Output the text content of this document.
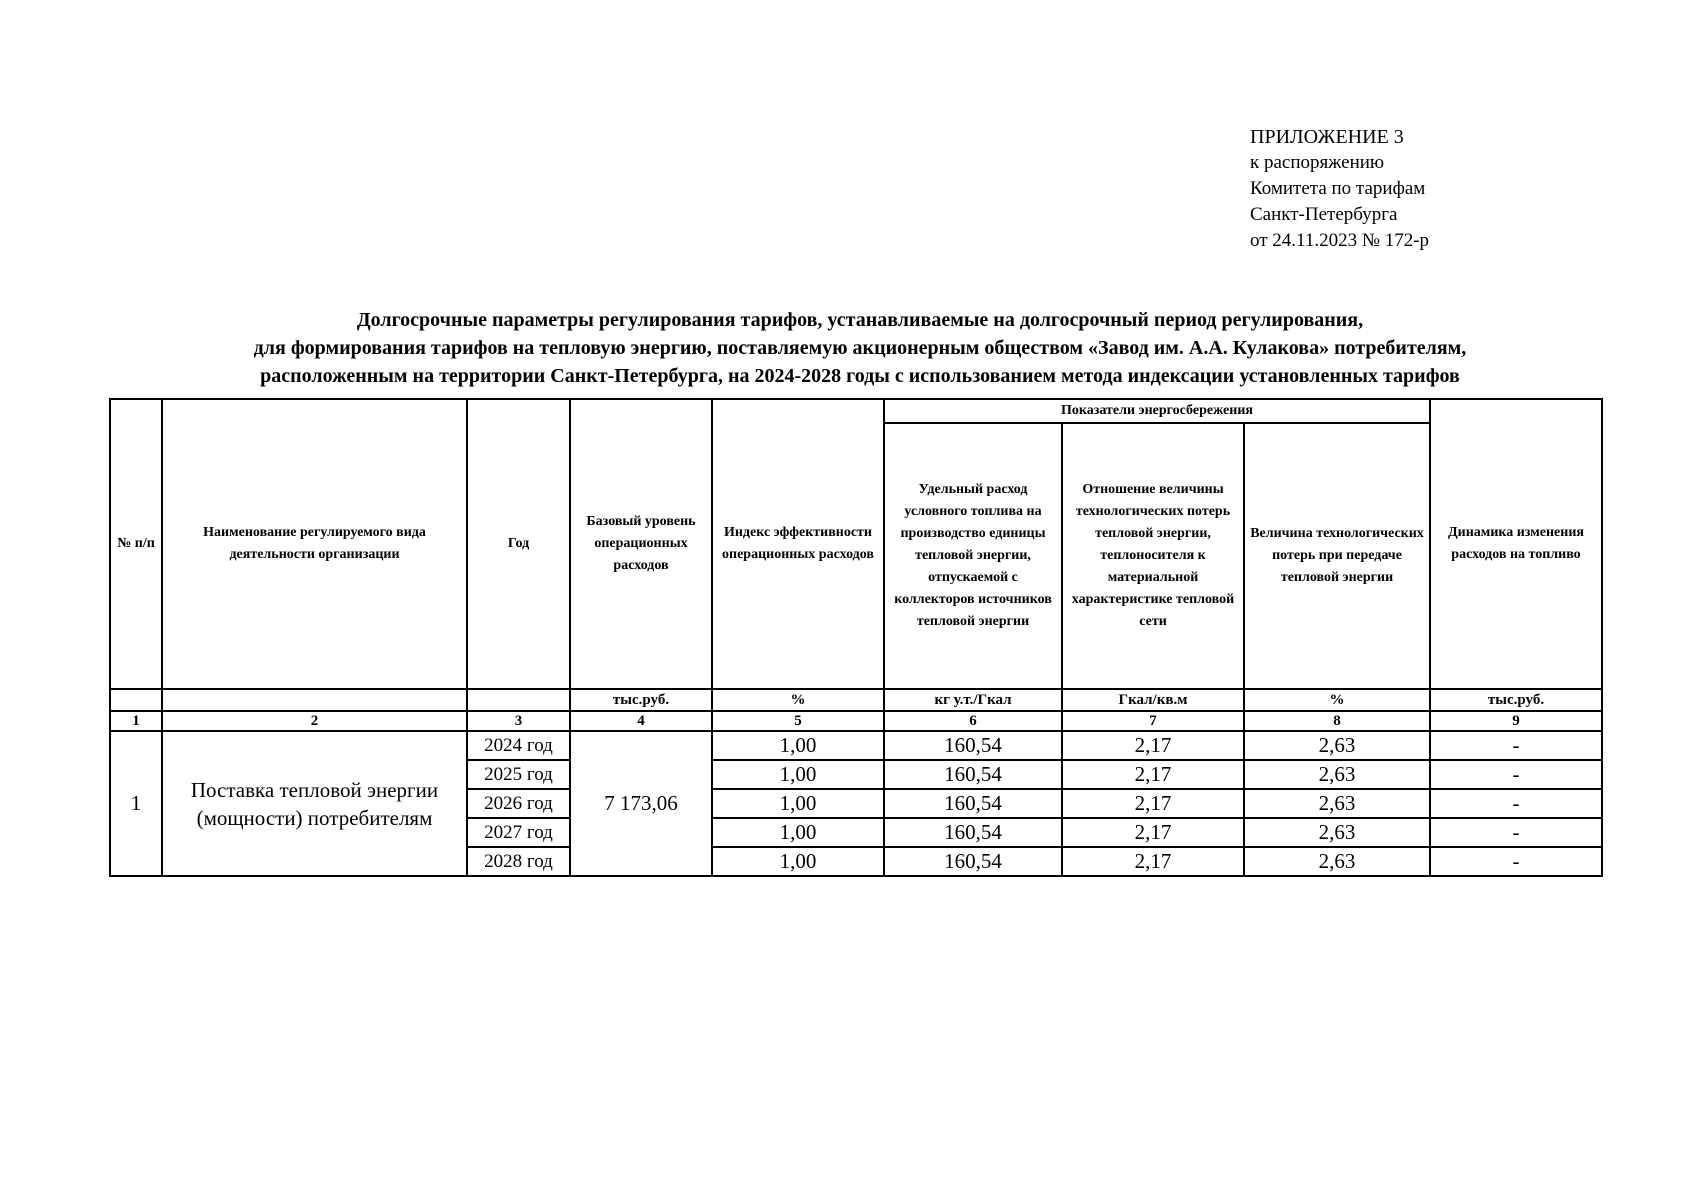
ПРИЛОЖЕНИЕ 3
к распоряжению
Комитета по тарифам
Санкт-Петербурга
от 24.11.2023 № 172-р
Долгосрочные параметры регулирования тарифов, устанавливаемые на долгосрочный период регулирования,
для формирования тарифов на тепловую энергию, поставляемую акционерным обществом «Завод им. А.А. Кулакова» потребителям,
расположенным на территории Санкт-Петербурга, на 2024-2028 годы с использованием метода индексации установленных тарифов
№ п/п	Наименование регулируемого вида деятельности организации	Год	Базовый уровень операционных расходов	Индекс эффективности операционных расходов	Показатели энергосбережения			Динамика изменения расходов на топливо
					Удельный расход условного топлива на производство единицы тепловой энергии, отпускаемой с коллекторов источников тепловой энергии	Отношение величины технологических потерь тепловой энергии, теплоносителя к материальной характеристике тепловой сети	Величина технологических потерь при передаче тепловой энергии	
			тыс.руб.	%	кг у.т./Гкал	Гкал/кв.м	%	тыс.руб.
1	2	3	4	5	6	7	8	9
1	Поставка тепловой энергии (мощности) потребителям	2024 год	7 173,06	1,00	160,54	2,17	2,63	-
		2025 год		1,00	160,54	2,17	2,63	-
		2026 год		1,00	160,54	2,17	2,63	-
		2027 год		1,00	160,54	2,17	2,63	-
		2028 год		1,00	160,54	2,17	2,63	-
